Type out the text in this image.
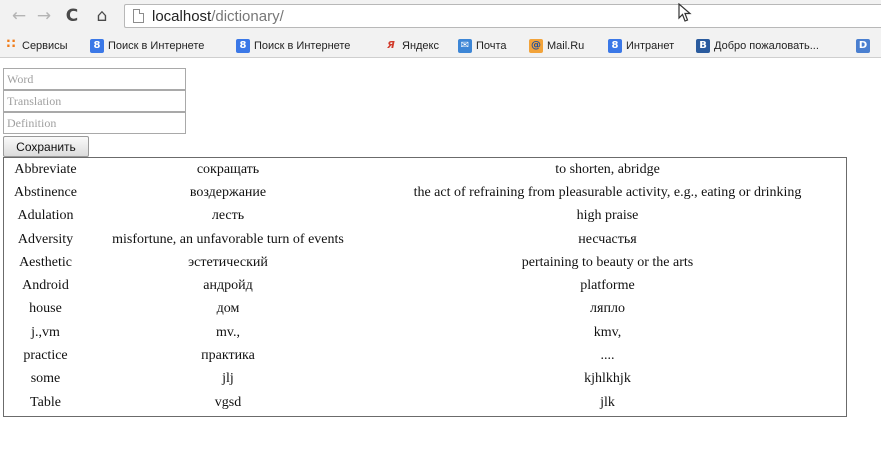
← → C	⌂	localhost/dictionary/
∷ Сервисы	8 Поиск в Интернете	8 Поиск в Интернете	Я Яндекс ✉ Почта @ Mail.Ru	8 Интранет	B Добро пожаловать...	D
Word
Translation
Definition
Сохранить
Abbreviate	сокращать	to shorten, abridge
Abstinence	воздержание	the act of refraining from pleasurable activity, e.g., eating or drinking
Adulation	лесть	high praise
Adversity	misfortune, an unfavorable turn of events	несчастья
Aesthetic	эстетический	pertaining to beauty or the arts
Android	андройд	platforme
house	дом	ляпло
j.,vm	mv.,	kmv,
practice	практика	....
some	jlj	kjhlkhjk
Table	vgsd	jlk
